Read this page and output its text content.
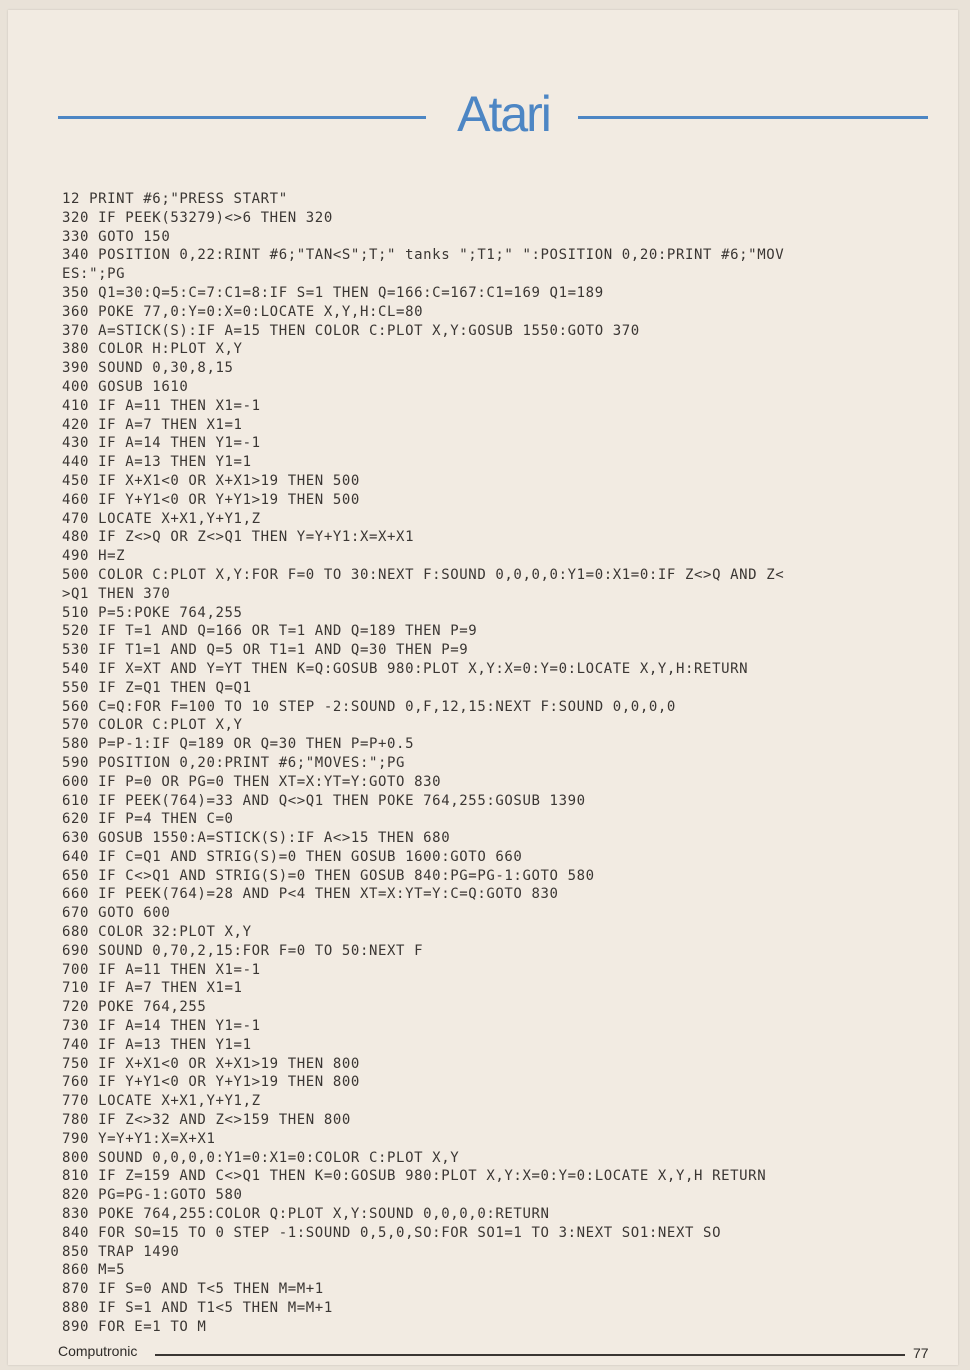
Atari
12 PRINT #6;"PRESS START"
320 IF PEEK(53279)<>6 THEN 320
330 GOTO 150
340 POSITION 0,22:RINT #6;"TAN<S";T;" tanks ";T1;" ":POSITION 0,20:PRINT #6;"MOV
ES:";PG
350 Q1=30:Q=5:C=7:C1=8:IF S=1 THEN Q=166:C=167:C1=169 Q1=189
360 POKE 77,0:Y=0:X=0:LOCATE X,Y,H:CL=80
370 A=STICK(S):IF A=15 THEN COLOR C:PLOT X,Y:GOSUB 1550:GOTO 370
380 COLOR H:PLOT X,Y
390 SOUND 0,30,8,15
400 GOSUB 1610
410 IF A=11 THEN X1=-1
420 IF A=7 THEN X1=1
430 IF A=14 THEN Y1=-1
440 IF A=13 THEN Y1=1
450 IF X+X1<0 OR X+X1>19 THEN 500
460 IF Y+Y1<0 OR Y+Y1>19 THEN 500
470 LOCATE X+X1,Y+Y1,Z
480 IF Z<>Q OR Z<>Q1 THEN Y=Y+Y1:X=X+X1
490 H=Z
500 COLOR C:PLOT X,Y:FOR F=0 TO 30:NEXT F:SOUND 0,0,0,0:Y1=0:X1=0:IF Z<>Q AND Z<
>Q1 THEN 370
510 P=5:POKE 764,255
520 IF T=1 AND Q=166 OR T=1 AND Q=189 THEN P=9
530 IF T1=1 AND Q=5 OR T1=1 AND Q=30 THEN P=9
540 IF X=XT AND Y=YT THEN K=Q:GOSUB 980:PLOT X,Y:X=0:Y=0:LOCATE X,Y,H:RETURN
550 IF Z=Q1 THEN Q=Q1
560 C=Q:FOR F=100 TO 10 STEP -2:SOUND 0,F,12,15:NEXT F:SOUND 0,0,0,0
570 COLOR C:PLOT X,Y
580 P=P-1:IF Q=189 OR Q=30 THEN P=P+0.5
590 POSITION 0,20:PRINT #6;"MOVES:";PG
600 IF P=0 OR PG=0 THEN XT=X:YT=Y:GOTO 830
610 IF PEEK(764)=33 AND Q<>Q1 THEN POKE 764,255:GOSUB 1390
620 IF P=4 THEN C=0
630 GOSUB 1550:A=STICK(S):IF A<>15 THEN 680
640 IF C=Q1 AND STRIG(S)=0 THEN GOSUB 1600:GOTO 660
650 IF C<>Q1 AND STRIG(S)=0 THEN GOSUB 840:PG=PG-1:GOTO 580
660 IF PEEK(764)=28 AND P<4 THEN XT=X:YT=Y:C=Q:GOTO 830
670 GOTO 600
680 COLOR 32:PLOT X,Y
690 SOUND 0,70,2,15:FOR F=0 TO 50:NEXT F
700 IF A=11 THEN X1=-1
710 IF A=7 THEN X1=1
720 POKE 764,255
730 IF A=14 THEN Y1=-1
740 IF A=13 THEN Y1=1
750 IF X+X1<0 OR X+X1>19 THEN 800
760 IF Y+Y1<0 OR Y+Y1>19 THEN 800
770 LOCATE X+X1,Y+Y1,Z
780 IF Z<>32 AND Z<>159 THEN 800
790 Y=Y+Y1:X=X+X1
800 SOUND 0,0,0,0:Y1=0:X1=0:COLOR C:PLOT X,Y
810 IF Z=159 AND C<>Q1 THEN K=0:GOSUB 980:PLOT X,Y:X=0:Y=0:LOCATE X,Y,H RETURN
820 PG=PG-1:GOTO 580
830 POKE 764,255:COLOR Q:PLOT X,Y:SOUND 0,0,0,0:RETURN
840 FOR SO=15 TO 0 STEP -1:SOUND 0,5,0,SO:FOR SO1=1 TO 3:NEXT SO1:NEXT SO
850 TRAP 1490
860 M=5
870 IF S=0 AND T<5 THEN M=M+1
880 IF S=1 AND T1<5 THEN M=M+1
890 FOR E=1 TO M
Computronic	77
